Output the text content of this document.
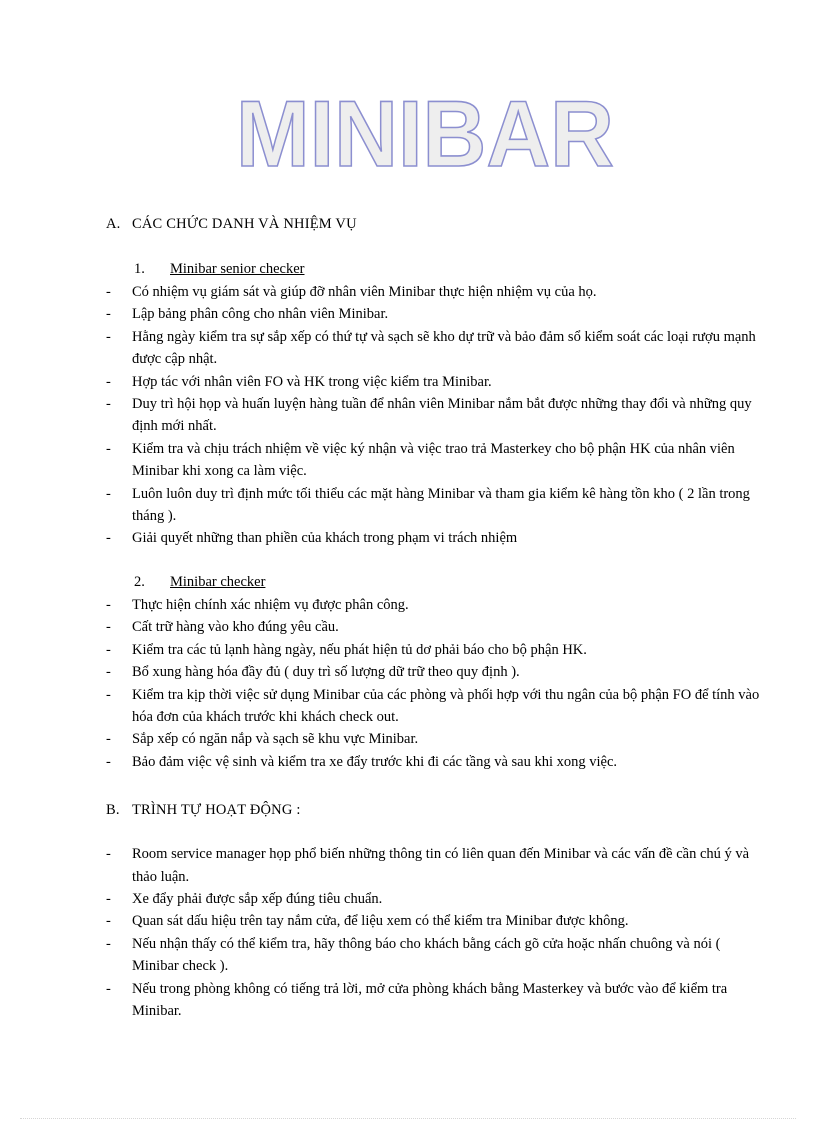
MINIBAR
A. CÁC CHỨC DANH VÀ NHIỆM VỤ
1. Minibar senior checker
- Có nhiệm vụ giám sát và giúp đỡ nhân viên Minibar thực hiện nhiệm vụ của họ.
- Lập bảng phân công cho nhân viên Minibar.
- Hằng ngày kiểm tra sự sắp xếp có thứ tự và sạch sẽ kho dự trữ và bảo đảm sổ kiểm soát các loại rượu mạnh được cập nhật.
- Hợp tác với nhân viên FO và HK trong việc kiểm tra Minibar.
- Duy trì hội họp và huấn luyện hàng tuần để nhân viên Minibar nắm bắt được những thay đổi và những quy định mới nhất.
- Kiểm tra và chịu trách nhiệm về việc ký nhận và việc trao trả Masterkey cho bộ phận HK của nhân viên Minibar khi xong ca làm việc.
- Luôn luôn duy trì định mức tối thiểu các mặt hàng Minibar và tham gia kiểm kê hàng tồn kho ( 2 lần trong tháng ).
- Giải quyết những than phiền của khách trong phạm vi trách nhiệm
2. Minibar checker
- Thực hiện chính xác nhiệm vụ được phân công.
- Cất trữ hàng vào kho đúng yêu cầu.
- Kiểm tra các tủ lạnh hàng ngày, nếu phát hiện tủ dơ phải báo cho bộ phận HK.
- Bổ xung hàng hóa đầy đủ ( duy trì số lượng dữ trữ theo quy định ).
- Kiểm tra kịp thời việc sử dụng Minibar của các phòng và phối hợp với thu ngân của bộ phận FO để tính vào hóa đơn của khách trước khi khách check out.
- Sắp xếp có ngăn nắp và sạch sẽ khu vực Minibar.
- Bảo đảm việc vệ sinh và kiểm tra xe đẩy trước khi đi các tầng và sau khi xong việc.
B. TRÌNH TỰ HOẠT ĐỘNG :
- Room service manager họp phổ biến những thông tin có liên quan đến Minibar và các vấn đề cần chú ý và thảo luận.
- Xe đẩy phải được sắp xếp đúng tiêu chuẩn.
- Quan sát dấu hiệu trên tay nắm cửa, để liệu xem có thể kiểm tra Minibar được không.
- Nếu nhận thấy có thể kiểm tra, hãy thông báo cho khách bằng cách gõ cửa hoặc nhấn chuông và nói ( Minibar check ).
- Nếu trong phòng không có tiếng trả lời, mở cửa phòng khách bằng Masterkey và bước vào để kiểm tra Minibar.
